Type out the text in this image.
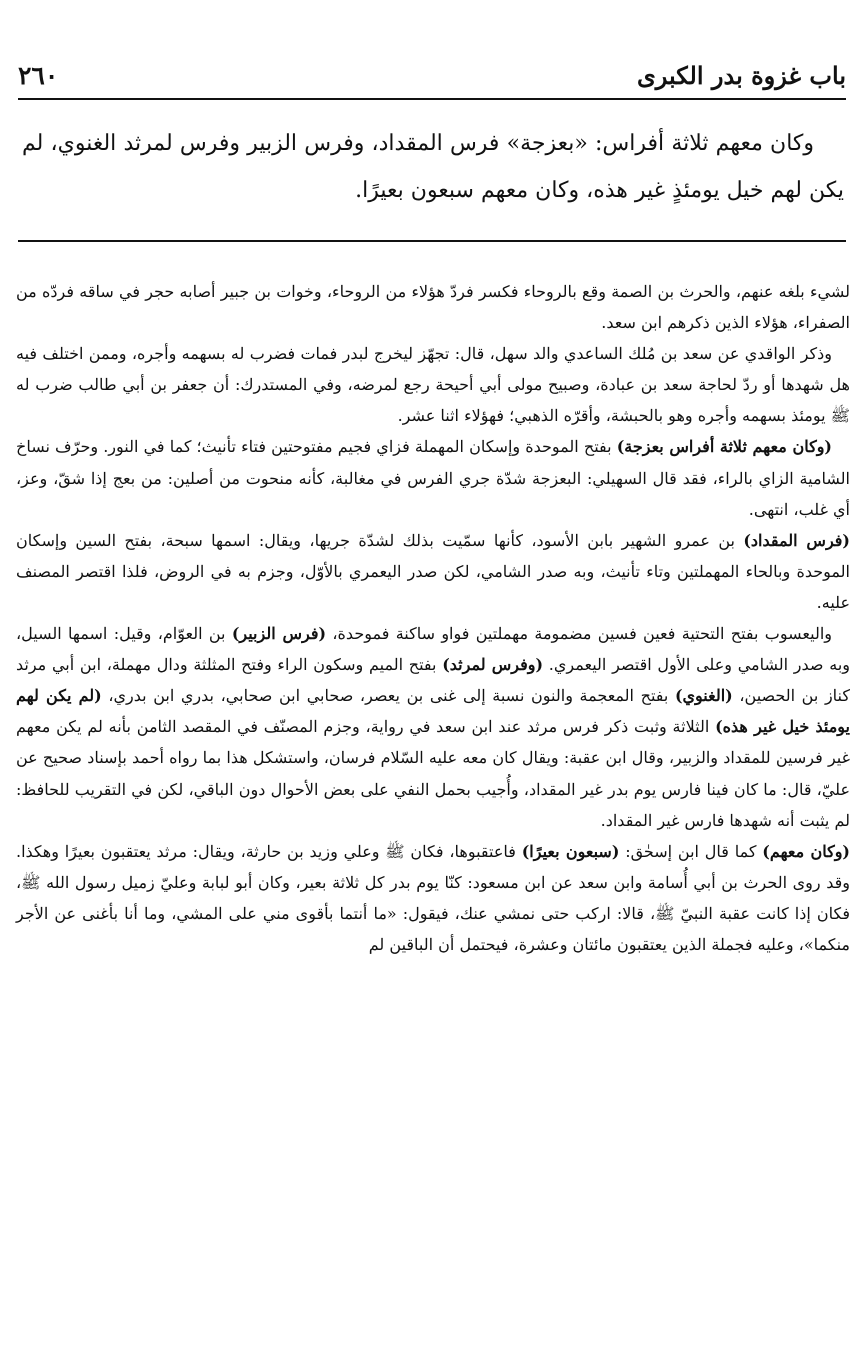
باب غزوة بدر الكبرى
٢٦٠
وكان معهم ثلاثة أفراس: «بعزجة» فرس المقداد، وفرس الزبير وفرس لمرثد الغنوي، لم يكن لهم خيل يومئذٍ غير هذه، وكان معهم سبعون بعيرًا.

لشيء بلغه عنهم، والحرث بن الصمة وقع بالروحاء فكسر فردّ هؤلاء من الروحاء، وخوات بن جبير أصابه حجر في ساقه فردّه من الصفراء، هؤلاء الذين ذكرهم ابن سعد.

وذكر الواقدي عن سعد بن مُلك الساعدي والد سهل، قال: تجهّز ليخرج لبدر فمات فضرب له بسهمه وأجره، وممن اختلف فيه هل شهدها أو ردّ لحاجة سعد بن عبادة، وصبيح مولى أبي أحيحة رجع لمرضه، وفي المستدرك: أن جعفر بن أبي طالب ضرب له ﷺ يومئذ بسهمه وأجره وهو بالحبشة، وأقرّه الذهبي؛ فهؤلاء اثنا عشر.

(وكان معهم ثلاثة أفراس بعزجة) بفتح الموحدة وإسكان المهملة فزاي فجيم مفتوحتين فتاء تأنيث؛ كما في النور. وحرّف نساخ الشامية الزاي بالراء، فقد قال السهيلي: البعزجة شدّة جري الفرس في مغالبة، كأنه منحوت من أصلين: من بعج إذا شقّ، وعز، أي غلب، انتهى.

(فرس المقداد) بن عمرو الشهير بابن الأسود، كأنها سمّيت بذلك لشدّة جريها، ويقال: اسمها سبحة، بفتح السين وإسكان الموحدة وبالحاء المهملتين وتاء تأنيث، وبه صدر الشامي، لكن صدر اليعمري بالأوّل، وجزم به في الروض، فلذا اقتصر المصنف عليه.

واليعسوب بفتح التحتية فعين فسين مضمومة مهملتين فواو ساكنة فموحدة، (فرس الزبير) بن العوّام، وقيل: اسمها السيل، وبه صدر الشامي وعلى الأول اقتصر اليعمري. (وفرس لمرثد) بفتح الميم وسكون الراء وفتح المثلثة ودال مهملة، ابن أبي مرثد كناز بن الحصين، (الغنوي) بفتح المعجمة والنون نسبة إلى غنى بن يعصر، صحابي ابن صحابي، بدري ابن بدري، (لم يكن لهم يومئذ خيل غير هذه) الثلاثة وثبت ذكر فرس مرثد عند ابن سعد في رواية، وجزم المصنّف في المقصد الثامن بأنه لم يكن معهم غير فرسين للمقداد والزبير، وقال ابن عقبة: ويقال كان معه عليه السّلام فرسان، واستشكل هذا بما رواه أحمد بإسناد صحيح عن عليّ، قال: ما كان فينا فارس يوم بدر غير المقداد، وأُجيب بحمل النفي على بعض الأحوال دون الباقي، لكن في التقريب للحافظ: لم يثبت أنه شهدها فارس غير المقداد.

(وكان معهم) كما قال ابن إسحٰق: (سبعون بعيرًا) فاعتقبوها، فكان ﷺ وعلي وزيد بن حارثة، ويقال: مرثد يعتقبون بعيرًا وهكذا. وقد روى الحرث بن أبي أُسامة وابن سعد عن ابن مسعود: كنّا يوم بدر كل ثلاثة بعير، وكان أبو لبابة وعليّ زميل رسول الله ﷺ، فكان إذا كانت عقبة النبيّ ﷺ، قالا: اركب حتى نمشي عنك، فيقول: «ما أنتما بأقوى مني على المشي، وما أنا بأغنى عن الأجر منكما»، وعليه فجملة الذين يعتقبون مائتان وعشرة، فيحتمل أن الباقين لم
